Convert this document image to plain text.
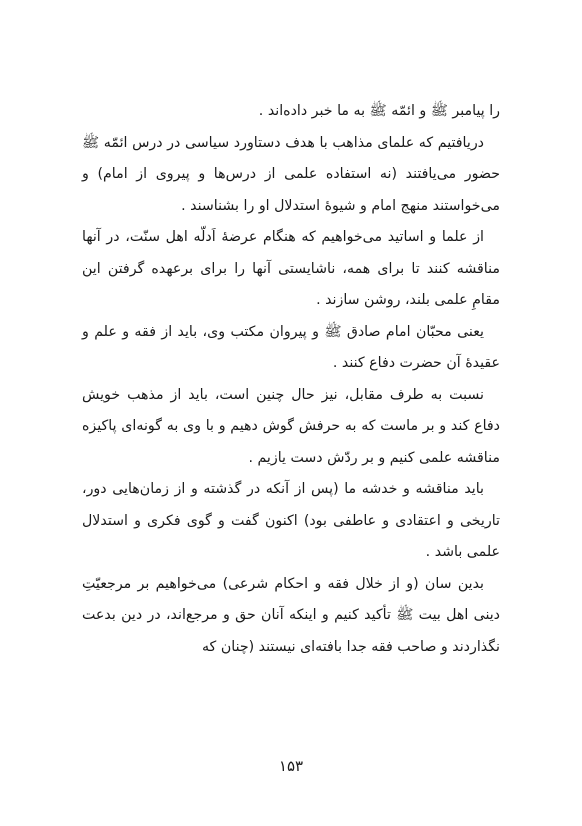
را پیامبر ﷺ و ائمّه ﷺ به ما خبر داده‌اند .

دریافتیم که علمای مذاهب با هدف دستاورد سیاسی در درس ائمّه ﷺ حضور می‌یافتند (نه استفاده علمی از درس‌ها و پیروی از امام) و می‌خواستند منهج امام و شیوۀ استدلال او را بشناسند .

از علما و اساتید می‌خواهیم که هنگام عرضۀ اَدلّه اهل سنّت، در آنها مناقشه کنند تا برای همه، ناشایستی آنها را برای برعهده گرفتن این مقامِ علمی بلند، روشن سازند .

یعنی محبّان امام صادق ﷺ و پیروان مکتب وی، باید از فقه و علم و عقیدۀ آن حضرت دفاع کنند .

نسبت به طرف مقابل، نیز حال چنین است، باید از مذهب خویش دفاع کند و بر ماست که به حرفش گوش دهیم و با وی به گونه‌ای پاکیزه مناقشه علمی کنیم و بر ردّش دست یازیم .

باید مناقشه و خدشه ما (پس از آنکه در گذشته و از زمان‌هایی دور، تاریخی و اعتقادی و عاطفی بود) اکنون گفت و گوی فکری و استدلال علمی باشد .

بدین سان (و از خلال فقه و احکام شرعی) می‌خواهیم بر مرجعیّتِ دینی اهل بیت ﷺ تأکید کنیم و اینکه آنان حق و مرجع‌اند، در دین بدعت نگذاردند و صاحب فقه جدا بافته‌ای نیستند (چنان که

۱۵۳
